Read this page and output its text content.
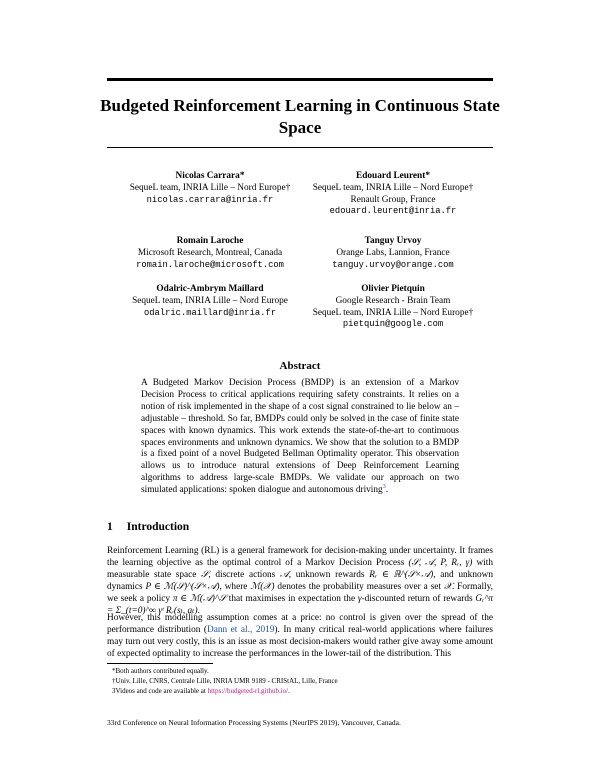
Budgeted Reinforcement Learning in Continuous State Space
Nicolas Carrara*
SequeL team, INRIA Lille – Nord Europe†
nicolas.carrara@inria.fr
Edouard Leurent*
SequeL team, INRIA Lille – Nord Europe†
Renault Group, France
edouard.leurent@inria.fr
Romain Laroche
Microsoft Research, Montreal, Canada
romain.laroche@microsoft.com
Tanguy Urvoy
Orange Labs, Lannion, France
tanguy.urvoy@orange.com
Odalric-Ambrym Maillard
SequeL team, INRIA Lille – Nord Europe
odalric.maillard@inria.fr
Olivier Pietquin
Google Research - Brain Team
SequeL team, INRIA Lille – Nord Europe†
pietquin@google.com
Abstract
A Budgeted Markov Decision Process (BMDP) is an extension of a Markov Decision Process to critical applications requiring safety constraints. It relies on a notion of risk implemented in the shape of a cost signal constrained to lie below an – adjustable – threshold. So far, BMDPs could only be solved in the case of finite state spaces with known dynamics. This work extends the state-of-the-art to continuous spaces environments and unknown dynamics. We show that the solution to a BMDP is a fixed point of a novel Budgeted Bellman Optimality operator. This observation allows us to introduce natural extensions of Deep Reinforcement Learning algorithms to address large-scale BMDPs. We validate our approach on two simulated applications: spoken dialogue and autonomous driving$^3$.
1 Introduction
Reinforcement Learning (RL) is a general framework for decision-making under uncertainty. It frames the learning objective as the optimal control of a Markov Decision Process (𝒮, 𝒜, P, Rᵣ, γ) with measurable state space 𝒮, discrete actions 𝒜, unknown rewards Rᵣ ∈ ℝ^(𝒮×𝒜), and unknown dynamics P ∈ ℳ(𝒮)^(𝒮×𝒜), where ℳ(𝒳) denotes the probability measures over a set 𝒳. Formally, we seek a policy π ∈ ℳ(𝒜)^𝒮 that maximises in expectation the γ-discounted return of rewards Gᵣ^π = Σ_(t=0)^∞ γᵗ Rᵣ(sₜ, aₜ).
However, this modelling assumption comes at a price: no control is given over the spread of the performance distribution (Dann et al., 2019). In many critical real-world applications where failures may turn out very costly, this is an issue as most decision-makers would rather give away some amount of expected optimality to increase the performances in the lower-tail of the distribution. This
*Both authors contributed equally.
†Univ. Lille, CNRS, Centrale Lille, INRIA UMR 9189 - CRIStAL, Lille, France
3Videos and code are available at https://budgeted-rl.github.io/.
33rd Conference on Neural Information Processing Systems (NeurIPS 2019), Vancouver, Canada.
